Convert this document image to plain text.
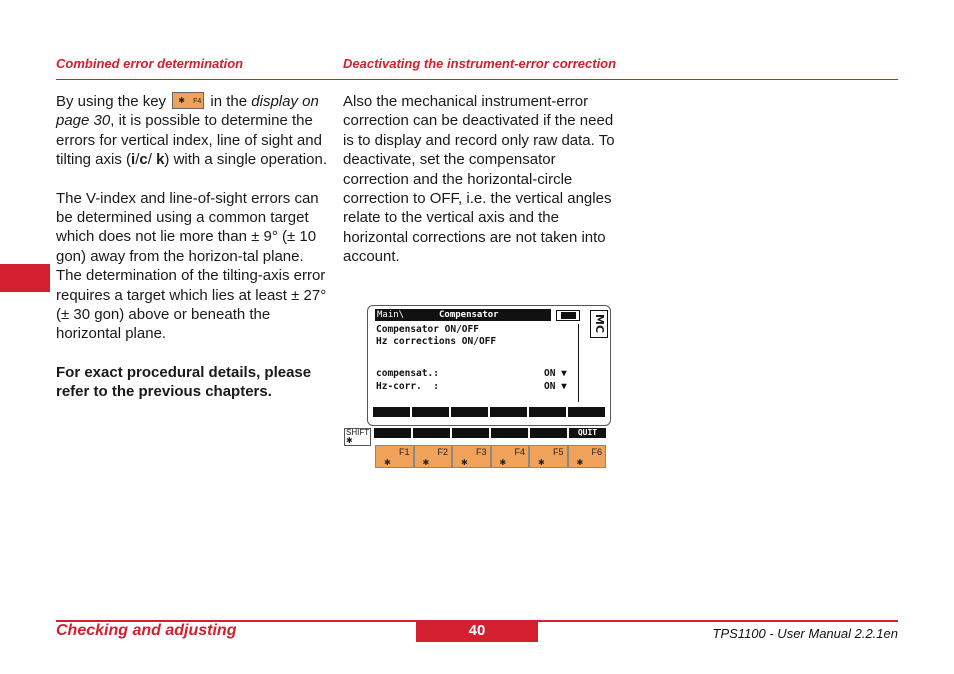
Combined error determination	Deactivating the instrument-error correction

By using the key	F4
✱ in the display on page 30, it is possible to determine the errors for vertical index, line of sight and tilting axis (i/c/ k) with a single operation.

The V-index and line-of-sight errors can be determined using a common target which does not lie more than ± 9° (± 10 gon) away from the horizon-tal plane. The determination of the tilting-axis error requires a target which lies at least ± 27° (± 30 gon) above or beneath the horizontal plane.

For exact procedural details, please refer to the previous chapters.

Also the mechanical instrument-error correction can be deactivated if the need is to display and record only raw data. To deactivate, set the compensator correction and the horizontal-circle correction to OFF, i.e. the vertical angles relate to the vertical axis and the horizontal corrections are not taken into account.

Main\	Compensator	MC
Compensator ON/OFF
Hz corrections ON/OFF
compensat.:	ON ▼
Hz-corr.  :	ON ▼
SHIFT
✱
QUIT
F1
✱
F2
✱
F3
✱
F4
✱
F5
✱
F6
✱
Checking and adjusting	40	TPS1100 - User Manual 2.2.1en
